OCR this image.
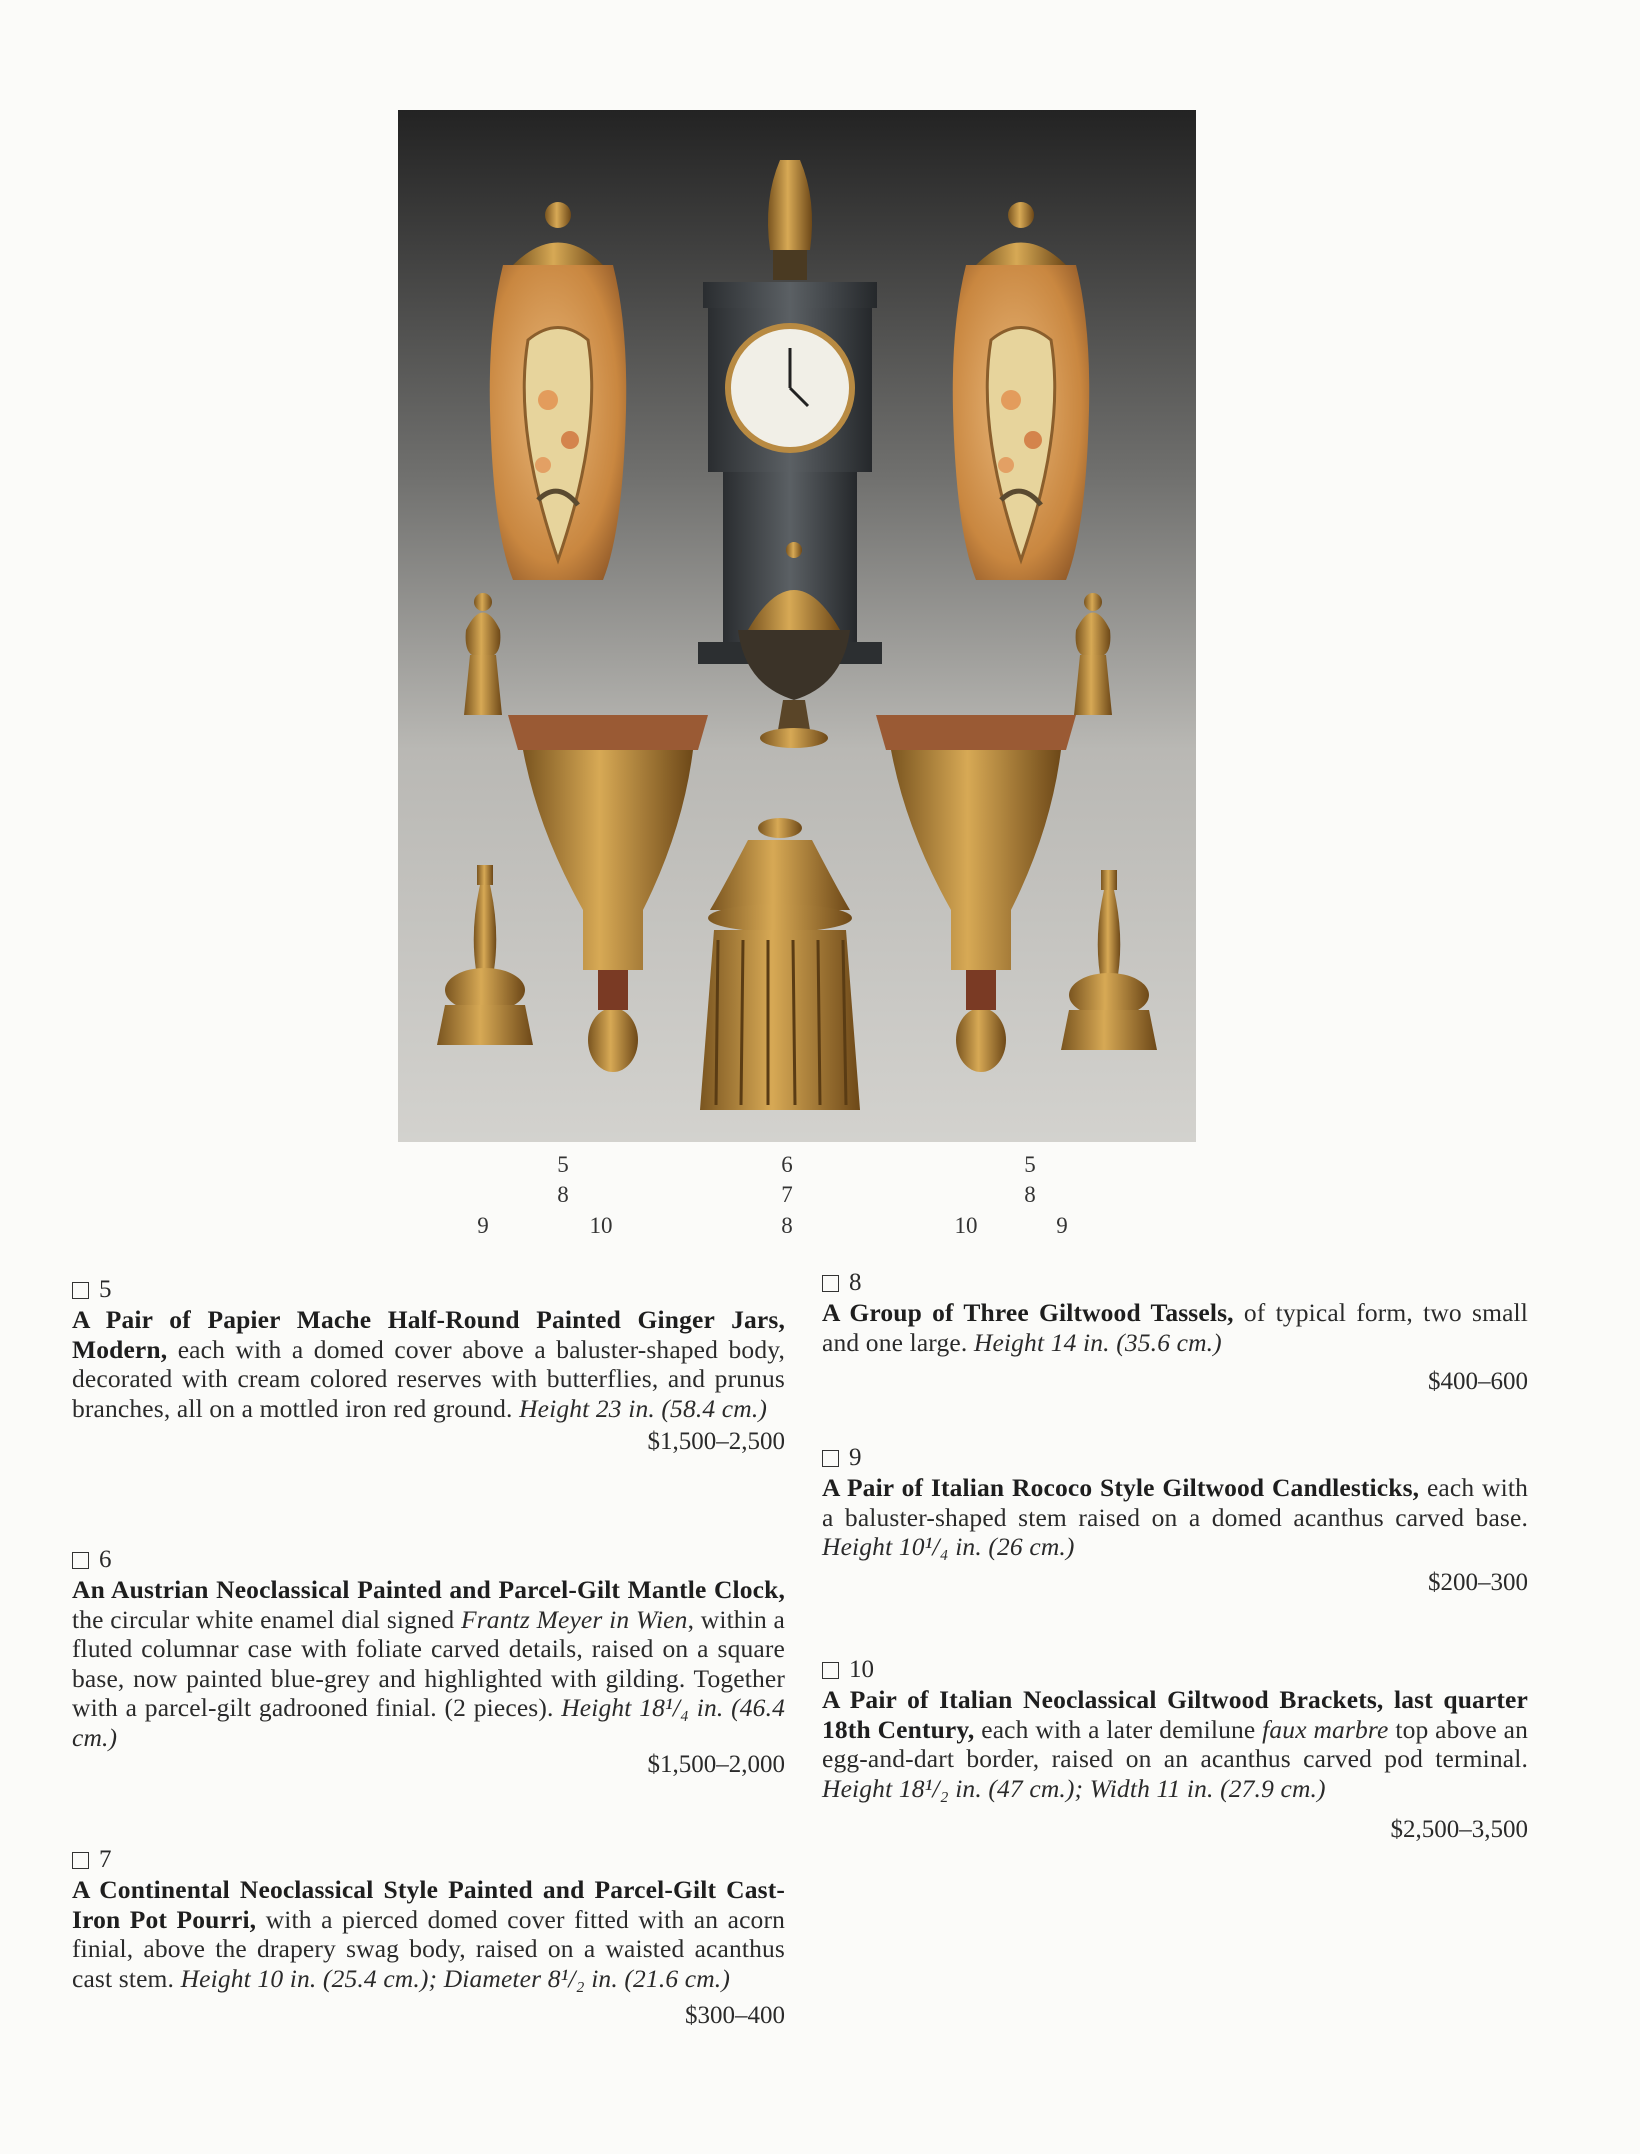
5	6	5
8	7	8
9	10	8	10	9
5

A Pair of Papier Mache Half-Round Painted Ginger Jars, Modern, each with a domed cover above a baluster-shaped body, decorated with cream colored reserves with butterflies, and prunus branches, all on a mottled iron red ground. Height 23 in. (58.4 cm.)

$1,500–2,500
6

An Austrian Neoclassical Painted and Parcel-Gilt Mantle Clock, the circular white enamel dial signed Frantz Meyer in Wien, within a fluted columnar case with foliate carved details, raised on a square base, now painted blue-grey and highlighted with gilding. Together with a parcel-gilt gadrooned finial. (2 pieces). Height 18¹/₄ in. (46.4 cm.)

$1,500–2,000
7

A Continental Neoclassical Style Painted and Parcel-Gilt Cast-Iron Pot Pourri, with a pierced domed cover fitted with an acorn finial, above the drapery swag body, raised on a waisted acanthus cast stem. Height 10 in. (25.4 cm.); Diameter 8¹/₂ in. (21.6 cm.)

$300–400
8

A Group of Three Giltwood Tassels, of typical form, two small and one large. Height 14 in. (35.6 cm.)

$400–600
9

A Pair of Italian Rococo Style Giltwood Candlesticks, each with a baluster-shaped stem raised on a domed acanthus carved base. Height 10¹/₄ in. (26 cm.)

$200–300
10

A Pair of Italian Neoclassical Giltwood Brackets, last quarter 18th Century, each with a later demilune faux marbre top above an egg-and-dart border, raised on an acanthus carved pod terminal. Height 18¹/₂ in. (47 cm.); Width 11 in. (27.9 cm.)

$2,500–3,500
